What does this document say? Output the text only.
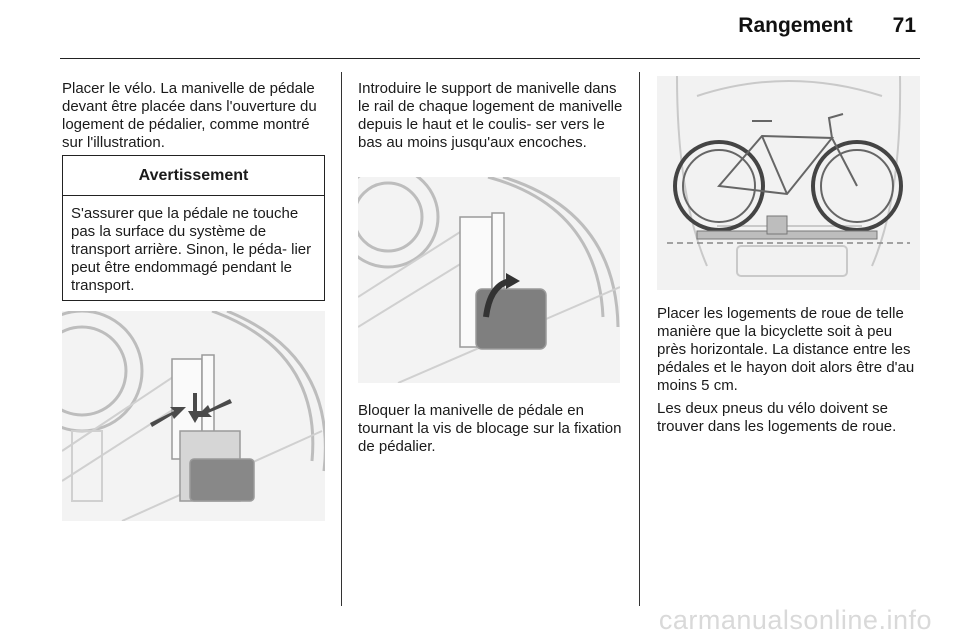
Rangement 71

Placer le vélo. La manivelle de pédale devant être placée dans l'ouverture du logement de pédalier, comme montré sur l'illustration.

Avertissement
S'assurer que la pédale ne touche pas la surface du système de transport arrière. Sinon, le péda- lier peut être endommagé pendant le transport.

Introduire le support de manivelle dans le rail de chaque logement de manivelle depuis le haut et le coulis- ser vers le bas au moins jusqu'aux encoches.

Bloquer la manivelle de pédale en tournant la vis de blocage sur la fixation de pédalier.

Placer les logements de roue de telle manière que la bicyclette soit à peu près horizontale. La distance entre les pédales et le hayon doit alors être d'au moins 5 cm.

Les deux pneus du vélo doivent se trouver dans les logements de roue.

carmanualsonline.info
